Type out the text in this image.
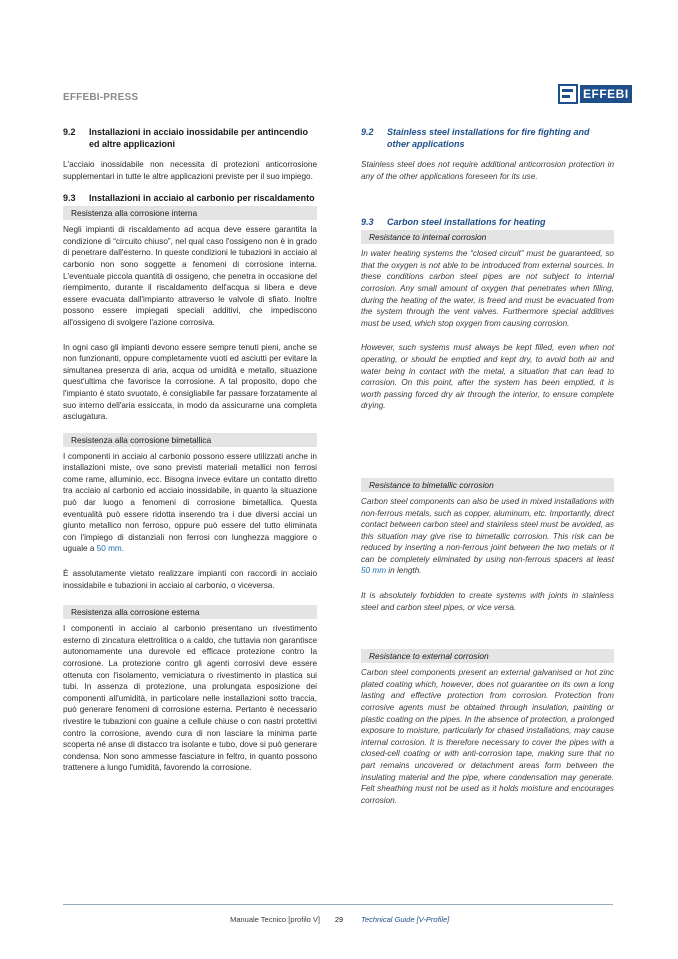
EFFEBI-PRESS	EFFEBI
9.2	Installazioni in acciaio inossidabile per antincendio ed altre applicazioni

L'acciaio inossidabile non necessita di protezioni anticorrosione supplementari in tutte le altre applicazioni previste per il suo impiego.

9.3	Installazioni in acciaio al carbonio per riscaldamento
Resistenza alla corrosione interna

Negli impianti di riscaldamento ad acqua deve essere garantita la condizione di “circuito chiuso”, nel qual caso l'ossigeno non è in grado di penetrare dall'esterno. In queste condizioni le tubazioni in acciaio al carbonio non sono soggette a fenomeni di corrosione interna. L'eventuale piccola quantità di ossigeno, che penetra in occasione del riempimento, durante il riscaldamento dell'acqua si libera e deve essere evacuata dall'impianto attraverso le valvole di sfiato. Inoltre possono essere impiegati speciali additivi, che impediscono all'ossigeno di svolgere l'azione corrosiva.

In ogni caso gli impianti devono essere sempre tenuti pieni, anche se non funzionanti, oppure completamente vuoti ed asciutti per evitare la simultanea presenza di aria, acqua od umidità e metallo, situazione quest'ultima che favorisce la corrosione. A tal proposito, dopo che l'impianto è stato svuotato, è consigliabile far passare forzatamente al suo interno dell'aria essiccata, in modo da assicurarne una completa asciugatura.

Resistenza alla corrosione bimetallica

I componenti in acciaio al carbonio possono essere utilizzati anche in installazioni miste, ove sono previsti materiali metallici non ferrosi come rame, alluminio, ecc. Bisogna invece evitare un contatto diretto tra acciaio al carbonio ed acciaio inossidabile, in quanto la situazione può dar luogo a fenomeni di corrosione bimetallica. Questa eventualità può essere ridotta inserendo tra i due diversi acciai un giunto metallico non ferroso, oppure può essere del tutto eliminata con l'impiego di distanziali non ferrosi con lunghezza maggiore o uguale a 50 mm.

È assolutamente vietato realizzare impianti con raccordi in acciaio inossidabile e tubazioni in acciaio al carbonio, o viceversa.

Resistenza alla corrosione esterna

I componenti in acciaio al carbonio presentano un rivestimento esterno di zincatura elettrolitica o a caldo, che tuttavia non garantisce autonomamente una durevole ed efficace protezione contro la corrosione. La protezione contro gli agenti corrosivi deve essere ottenuta con l'isolamento, verniciatura o rivestimento in plastica sui tubi. In assenza di protezione, una prolungata esposizione dei componenti all'umidità, in particolare nelle installazioni sotto traccia, può generare fenomeni di corrosione esterna. Pertanto è necessario rivestire le tubazioni con guaine a cellule chiuse o con nastri protettivi contro la corrosione, avendo cura di non lasciare la minima parte scoperta né anse di distacco tra isolante e tubo, dove si può generare condensa. Non sono ammesse fasciature in feltro, in quanto possono trattenere a lungo l'umidità, favorendo la corrosione.

9.2	Stainless steel installations for fire fighting and other applications

Stainless steel does not require additional anticorrosion protection in any of the other applications foreseen for its use.

9.3	Carbon steel installations for heating
Resistance to internal corrosion

In water heating systems the “closed circuit” must be guaranteed, so that the oxygen is not able to be introduced from external sources. In these conditions carbon steel pipes are not subject to internal corrosion. Any small amount of oxygen that penetrates when filling, during the heating of the water, is freed and must be evacuated from the system through the vent valves. Furthermore special additives must be used, which stop oxygen from causing corrosion.

However, such systems must always be kept filled, even when not operating, or should be emptied and kept dry, to avoid both air and water being in contact with the metal, a situation that can lead to corrosion. On this point, after the system has been emptied, it is worth passing forced dry air through the interior, to ensure complete drying.

Resistance to bimetallic corrosion

Carbon steel components can also be used in mixed installations with non-ferrous metals, such as copper, aluminum, etc. Importantly, direct contact between carbon steel and stainless steel must be avoided, as this situation may give rise to bimetallic corrosion. This risk can be reduced by inserting a non-ferrous joint between the two metals or it can be completely eliminated by using non-ferrous spacers at least 50 mm in length.

It is absolutely forbidden to create systems with joints in stainless steel and carbon steel pipes, or vice versa.

Resistance to external corrosion

Carbon steel components present an external galvanised or hot zinc plated coating which, however, does not guarantee on its own a long lasting and effective protection from corrosion. Protection from corrosive agents must be obtained through insulation, painting or plastic coating on the pipes. In the absence of protection, a prolonged exposure to moisture, particularly for chased installations, may cause internal corrosion. It is therefore necessary to cover the pipes with a closed-cell coating or with anti-corrosion tape, making sure that no part remains uncovered or detachment areas form between the insulating material and the pipe, where condensation may generate. Felt sheathing must not be used as it holds moisture and encourages corrosion.

Manuale Tecnico [profilo V]	29	Technical Guide [V-Profile]
